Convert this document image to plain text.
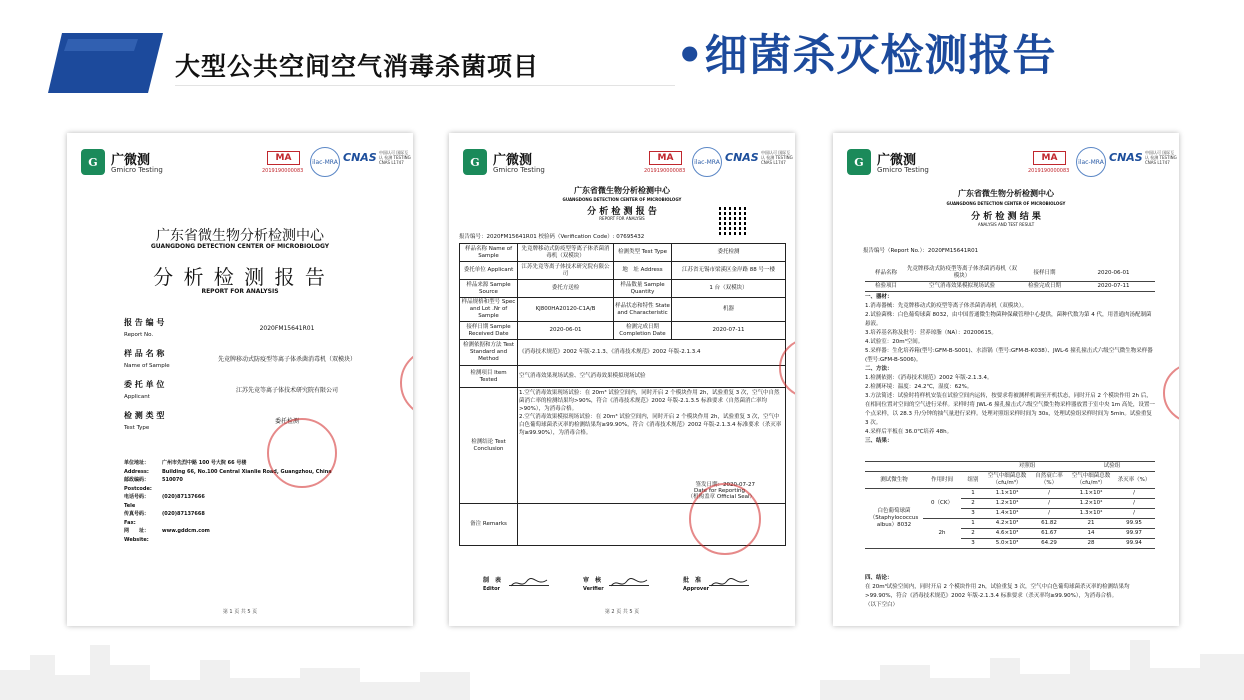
大型公共空间空气消毒杀菌项目	•细菌杀灭检测报告
G	广微测
Gmicro Testing
MA
2019190000083
ilac-MRA CNAS 中国认可 国际互认 检测 TESTING CNAS L1747
广东省微生物分析检测中心
GUANGDONG DETECTION CENTER OF MICROBIOLOGY
分 析 检 测 报 告
REPORT FOR ANALYSIS
报 告 编 号
Report No.
2020FM15641R01
样 品 名 称
Name of Sample
先竟牌移动式防疫型等离子体杀菌消毒机（双模块）
委 托 单 位
Applicant
江苏先竟等离子体技术研究院有限公司
检 测 类 型
Test Type
委托检测
单位地址：	广州市先烈中路 100 号大院 66 号楼
Address:	Building 66, No.100 Central Xianlie Road, Guangzhou, China
邮政编码：	510070
Postcode:
电话号码：	(020)87137666
Tele
传真号码：	(020)87137668
Fax:
网　　址：	www.gddcm.com
Website:
第 1 页 共 5 页
G	广微测
Gmicro Testing
MA
2019190000083
ilac-MRA CNAS 中国认可 国际互认 检测 TESTING CNAS L1747
广东省微生物分析检测中心
GUANGDONG DETECTION CENTER OF MICROBIOLOGY
分 析 检 测 报 告
REPORT FOR ANALYSIS
报告编号：2020FM15641R01 校验码（Verification Code）: 07695432
样品名称 Name of Sample	先竟牌移动式防疫型等离子体杀菌消毒机（双模块）	检测类型 Test Type	委托检测
委托单位 Applicant	江苏先竟等离子体技术研究院有限公司	地　址 Address	江苏省无锡市梁溪区金岸路 88 号一楼
样品来源 Sample Source	委托方送检	样品数量 Sample Quantity	1 台（双模块）
样品规格和型号 Spec and Lot .Nr of Sample	KJ800HA20120-C1A/B	样品状态和特性 State and Characteristic	机器
接样日期 Sample Received Date	2020-06-01	检测完成日期 Completion Date	2020-07-11
检测依据和方法 Test Standard and Method	《消毒技术规范》2002 年版-2.1.3、《消毒技术规范》2002 年版-2.1.3.4		
检测项目 Item Tested	空气消毒效果现场试验、空气消毒效果模拟现场试验		
检测结论 Test Conclusion	1.空气消毒效果现场试验：在 20m³ 试验空间内，同时开启 2 个模块作用 2h，试验重复 3 次，空气中自然菌消亡率的检测结果均>90%，符合《消毒技术规范》2002 年版-2.1.3.5 标准要求（自然菌消亡率均>90%），为消毒合格。
2.空气消毒效果模拟现场试验：在 20m³ 试验空间内，同时开启 2 个模块作用 2h，试验重复 3 次，空气中白色葡萄球菌杀灭率的检测结果均≥99.90%，符合《消毒技术规范》2002 年版-2.1.3.4 标准要求（杀灭率均≥99.90%），为消毒合格。
签发日期：2020-07-27
Date for Reporting
（机构盖章 Official Seal）		

备注 Remarks			
制　表
Editor
审　核
Verifier
批　准
Approver
第 2 页 共 5 页
G	广微测
Gmicro Testing
MA
2019190000083
ilac-MRA CNAS 中国认可 国际互认 检测 TESTING CNAS L1747
广东省微生物分析检测中心
GUANGDONG DETECTION CENTER OF MICROBIOLOGY
分 析 检 测 结 果
ANALYSIS AND TEST RESULT
报告编号（Report No.）：2020FM15641R01
样品名称	先竟牌移动式防疫型等离子体杀菌消毒机（双模块）	接样日期	2020-06-01
检验项目	空气消毒效果模拟现场试验	检验完成日期	2020-07-11
一、器材：
1.消毒器械：先竟牌移动式防疫型等离子体杀菌消毒机（双模块）。
2.试验菌株：白色葡萄球菌 8032，由中国普通微生物菌种保藏管理中心提供，菌种代数为第 4 代，用普通肉汤配制菌悬液。
3.培养基名称及批号：营养琼脂（NA）：20200615。
4.试验室：20m³空间。
5.采样器：生化培养箱(型号:GFM-B-S001)、水浴锅（型号:GFM-B-K038）、JWL-6 撞孔撞击式六级空气微生物采样器(型号:GFM-B-S006)。
二、方法：
1.检测依据：《消毒技术规范》2002 年版-2.1.3.4。
2.检测环境：温度：24.2℃，湿度：62%。
3.方法简述：试验时将样机安装在试验空间内运转，按要求将被测样机调至开机状态，同时开启 2 个模块作用 2h 后，在相同位置对空间的空气进行采样。采样时将 JWL-6 撞孔撞击式六级空气微生物采样器放置于室中央 1m 高处，设置一个点采样，以 28.3 升/分钟的抽气量进行采样。处理对照组采样时间为 30s，处理试验组采样时间为 5min。试验重复 3 次。
4.采样后平板在 36.0℃培养 48h。
三、结果：
			对照组		试验组	
测试微生物	作用时间	组别	空气中细菌总数（cfu/m³）	自然衰亡率（%）	空气中细菌总数（cfu/m³）	杀灭率（%）
白色葡萄球菌（Staphylococcus albus）8032	0（CK）	1	1.1×10⁴	/	1.1×10⁴	/
		2	1.2×10⁴	/	1.2×10⁴	/
		3	1.4×10⁴	/	1.3×10⁴	/
	2h	1	4.2×10³	61.82	21	99.95
		2	4.6×10³	61.67	14	99.97
		3	5.0×10³	64.29	28	99.94
四、结论：
在 20m³试验空间内，同时开启 2 个模块作用 2h，试验重复 3 次，空气中白色葡萄球菌杀灭率的检测结果均>99.90%，符合《消毒技术规范》2002 年版-2.1.3.4 标准要求（杀灭率均≥99.90%），为消毒合格。
（以下空白）
